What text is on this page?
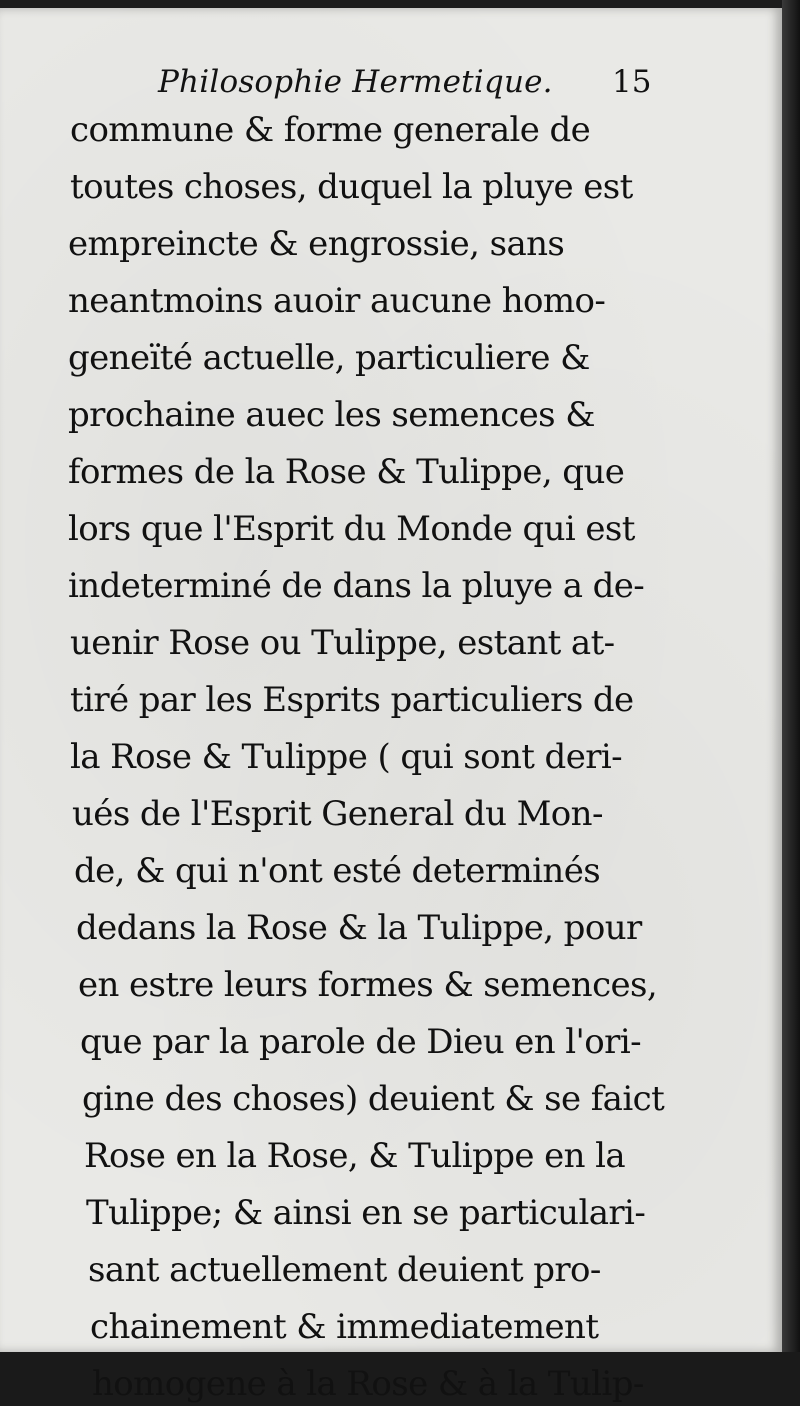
Philosophie Hermetique. 15
commune & forme generale de
toutes choses, duquel la pluye est
empreincte & engrossie, sans
neantmoins auoir aucune homo-
geneïté actuelle, particuliere &
prochaine auec les semences &
formes de la Rose & Tulippe, que
lors que l'Esprit du Monde qui est
indeterminé de dans la pluye a de-
uenir Rose ou Tulippe, estant at-
tiré par les Esprits particuliers de
la Rose & Tulippe ( qui sont deri-
ués de l'Esprit General du Mon-
de, & qui n'ont esté determinés
dedans la Rose & la Tulippe, pour
en estre leurs formes & semences,
que par la parole de Dieu en l'ori-
gine des choses) deuient & se faict
Rose en la Rose, & Tulippe en la
Tulippe; & ainsi en se particulari-
sant actuellement deuient pro-
chainement & immediatement
homogene à la Rose & à la Tulip-
